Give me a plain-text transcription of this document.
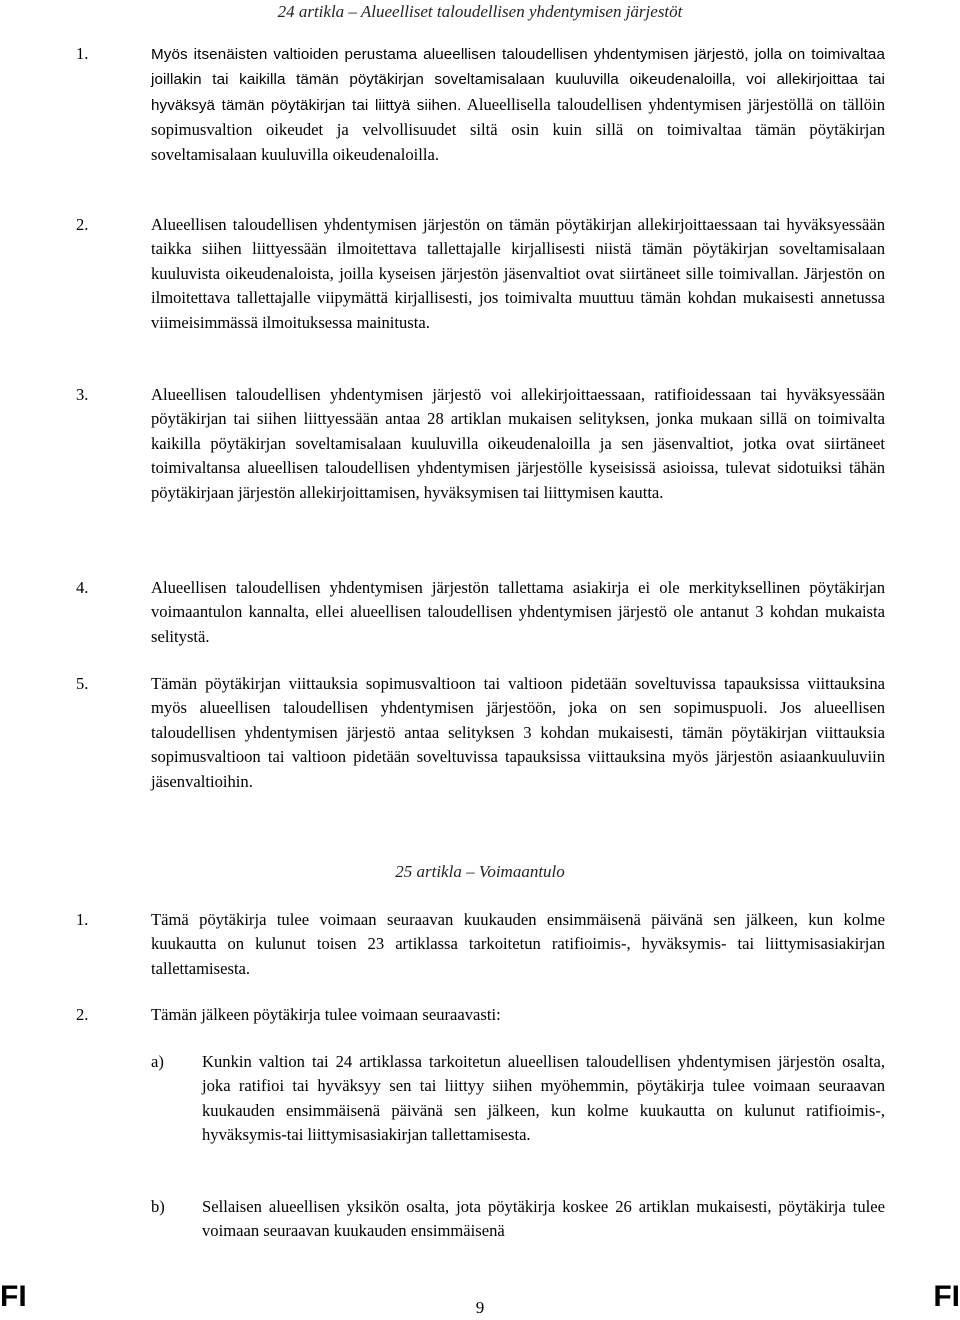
24 artikla – Alueelliset taloudellisen yhdentymisen järjestöt
1.	Myös itsenäisten valtioiden perustama alueellisen taloudellisen yhdentymisen järjestö, jolla on toimivaltaa joillakin tai kaikilla tämän pöytäkirjan soveltamisalaan kuuluvilla oikeudenaloilla, voi allekirjoittaa tai hyväksyä tämän pöytäkirjan tai liittyä siihen. Alueellisella taloudellisen yhdentymisen järjestöllä on tällöin sopimusvaltion oikeudet ja velvollisuudet siltä osin kuin sillä on toimivaltaa tämän pöytäkirjan soveltamisalaan kuuluvilla oikeudenaloilla.
2.	Alueellisen taloudellisen yhdentymisen järjestön on tämän pöytäkirjan allekirjoittaessaan tai hyväksyessään taikka siihen liittyessään ilmoitettava tallettajalle kirjallisesti niistä tämän pöytäkirjan soveltamisalaan kuuluvista oikeudenaloista, joilla kyseisen järjestön jäsenvaltiot ovat siirtäneet sille toimivallan. Järjestön on ilmoitettava tallettajalle viipymättä kirjallisesti, jos toimivalta muuttuu tämän kohdan mukaisesti annetussa viimeisimmässä ilmoituksessa mainitusta.
3.	Alueellisen taloudellisen yhdentymisen järjestö voi allekirjoittaessaan, ratifioidessaan tai hyväksyessään pöytäkirjan tai siihen liittyessään antaa 28 artiklan mukaisen selityksen, jonka mukaan sillä on toimivalta kaikilla pöytäkirjan soveltamisalaan kuuluvilla oikeudenaloilla ja sen jäsenvaltiot, jotka ovat siirtäneet toimivaltansa alueellisen taloudellisen yhdentymisen järjestölle kyseisissä asioissa, tulevat sidotuiksi tähän pöytäkirjaan järjestön allekirjoittamisen, hyväksymisen tai liittymisen kautta.
4.	Alueellisen taloudellisen yhdentymisen järjestön tallettama asiakirja ei ole merkityksellinen pöytäkirjan voimaantulon kannalta, ellei alueellisen taloudellisen yhdentymisen järjestö ole antanut 3 kohdan mukaista selitystä.
5.	Tämän pöytäkirjan viittauksia sopimusvaltioon tai valtioon pidetään soveltuvissa tapauksissa viittauksina myös alueellisen taloudellisen yhdentymisen järjestöön, joka on sen sopimuspuoli. Jos alueellisen taloudellisen yhdentymisen järjestö antaa selityksen 3 kohdan mukaisesti, tämän pöytäkirjan viittauksia sopimusvaltioon tai valtioon pidetään soveltuvissa tapauksissa viittauksina myös järjestön asiaankuuluviin jäsenvaltioihin.
25 artikla – Voimaantulo
1.	Tämä pöytäkirja tulee voimaan seuraavan kuukauden ensimmäisenä päivänä sen jälkeen, kun kolme kuukautta on kulunut toisen 23 artiklassa tarkoitetun ratifioimis-, hyväksymis- tai liittymisasiakirjan tallettamisesta.
2.	Tämän jälkeen pöytäkirja tulee voimaan seuraavasti:
a)	Kunkin valtion tai 24 artiklassa tarkoitetun alueellisen taloudellisen yhdentymisen järjestön osalta, joka ratifioi tai hyväksyy sen tai liittyy siihen myöhemmin, pöytäkirja tulee voimaan seuraavan kuukauden ensimmäisenä päivänä sen jälkeen, kun kolme kuukautta on kulunut ratifioimis-, hyväksymis-tai liittymisasiakirjan tallettamisesta.
b)	Sellaisen alueellisen yksikön osalta, jota pöytäkirja koskee 26 artiklan mukaisesti, pöytäkirja tulee voimaan seuraavan kuukauden ensimmäisenä
FI	9	FI
